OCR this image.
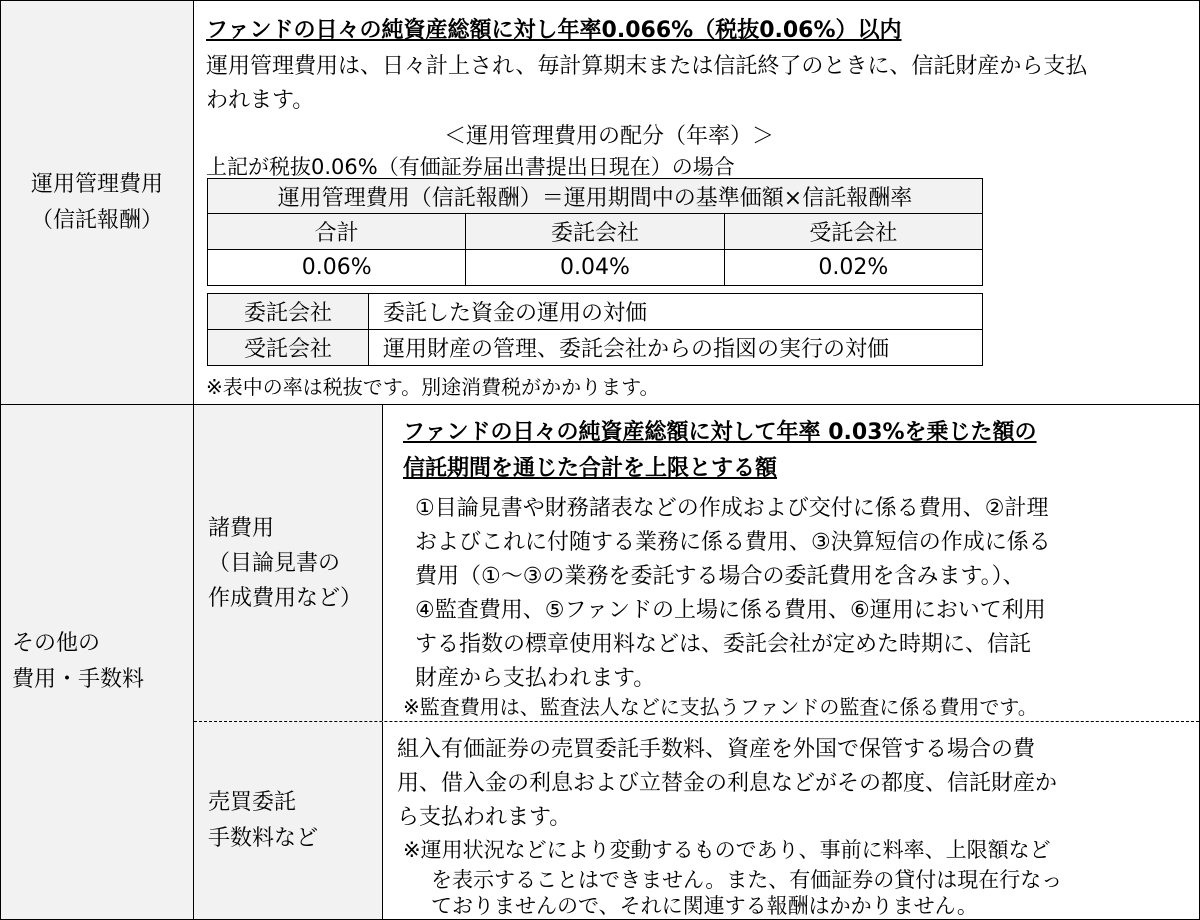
運用管理費用
（信託報酬）
ファンドの日々の純資産総額に対し年率0.066%（税抜0.06%）以内
運用管理費用は、日々計上され、毎計算期末または信託終了のときに、信託財産から支払
われます。
＜運用管理費用の配分（年率）＞
上記が税抜0.06%（有価証券届出書提出日現在）の場合
運用管理費用（信託報酬）＝運用期間中の基準価額×信託報酬率		
合計	委託会社	受託会社
0.06%	0.04%	0.02%
委託会社	委託した資金の運用の対価
受託会社	運用財産の管理、委託会社からの指図の実行の対価
※表中の率は税抜です。別途消費税がかかります。
その他の
費用・手数料
諸費用
（目論見書の
作成費用など）
ファンドの日々の純資産総額に対して年率 0.03%を乗じた額の
信託期間を通じた合計を上限とする額
①目論見書や財務諸表などの作成および交付に係る費用、②計理
およびこれに付随する業務に係る費用、③決算短信の作成に係る
費用（①～③の業務を委託する場合の委託費用を含みます。）、
④監査費用、⑤ファンドの上場に係る費用、⑥運用において利用
する指数の標章使用料などは、委託会社が定めた時期に、信託
財産から支払われます。
※監査費用は、監査法人などに支払うファンドの監査に係る費用です。
売買委託
手数料など
組入有価証券の売買委託手数料、資産を外国で保管する場合の費
用、借入金の利息および立替金の利息などがその都度、信託財産か
ら支払われます。
※運用状況などにより変動するものであり、事前に料率、上限額など
を表示することはできません。また、有価証券の貸付は現在行なっ
ておりませんので、それに関連する報酬はかかりません。
